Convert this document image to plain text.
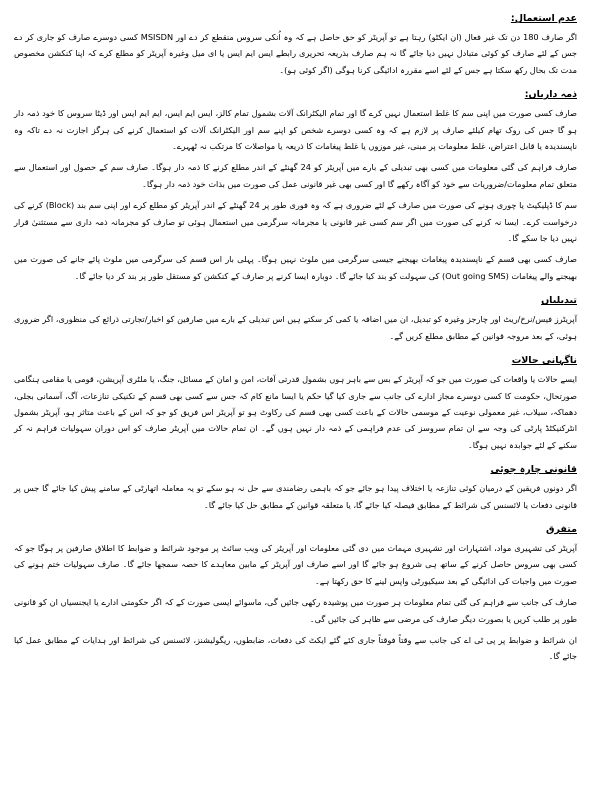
عدم استعمال:

اگر صارف 180 دن تک غیر فعال (ان ایکٹو) رہتا ہے تو آپریٹر کو حق حاصل ہے کہ وہ اُنکی سروس منقطع کر دے اور MSISDN کسی دوسرے صارف کو جاری کر دے جس کے لئے صارف کو کوئی متبادل نہیں دیا جائے گا نہ ہم صارف بذریعہ تحریری رابطے ایس ایم ایس یا ای میل وغیرہ آپریٹر کو مطلع کرے کہ اپنا کنکشن مخصوص مدت تک بحال رکھ سکتا ہے جس کے لئے اسے مقررہ ادائیگی کرنا ہوگی (اگر کوئی ہو)۔

ذمہ داریاں:

صارف کسی صورت میں اپنی سم کا غلط استعمال نہیں کرے گا اور تمام الیکٹرانک آلات بشمول تمام کالز، ایس ایم ایس، ایم ایم ایس اور ڈیٹا سروس کا خود ذمہ دار ہو گا جس کی روک تھام کیلئے صارف پر لازم ہے کہ وہ کسی دوسرے شخص کو اپنے سم اور الیکٹرانک آلات کو استعمال کرنے کی ہرگز اجازت نہ دے تاکہ وہ ناپسندیدہ یا قابل اعتراض، غلط معلومات پر مبنی، غیر موزوں یا غلط پیغامات کا ذریعہ یا مواصلات کا مرتکب نہ ٹھہرے۔

صارف فراہم کی گئی معلومات میں کسی بھی تبدیلی کے بارے میں آپریٹر کو 24 گھنٹے کے اندر مطلع کرنے کا ذمہ دار ہوگا۔ صارف سم کے حصول اور استعمال سے متعلق تمام معلومات/ضروریات سے خود کو آگاہ رکھے گا اور کسی بھی غیر قانونی عمل کی صورت میں بذات خود ذمہ دار ہوگا۔

سم کا ڈپلیکیٹ یا چوری ہونے کی صورت میں صارف کے لئے ضروری ہے کہ وہ فوری طور پر 24 گھنٹے کے اندر آپریٹر کو مطلع کرے اور اپنی سم بند (Block) کرنے کی درخواست کرے۔ ایسا نہ کرنے کی صورت میں اگر سم کسی غیر قانونی یا مجرمانہ سرگرمی میں استعمال ہوئی تو صارف کو مجرمانہ ذمہ داری سے مستثنیٰ قرار نہیں دیا جا سکے گا۔

صارف کسی بھی قسم کے ناپسندیدہ پیغامات بھیجنے جیسی سرگرمی میں ملوث نہیں ہوگا۔ پہلی بار اس قسم کی سرگرمی میں ملوث پائے جانے کی صورت میں بھیجنے والے پیغامات (Out going SMS) کی سہولت کو بند کیا جائے گا۔ دوبارہ ایسا کرنے پر صارف کے کنکشن کو مستقل طور پر بند کر دیا جائے گا۔

تبدیلیاں

آپریٹرز فیس/نرخ/ریٹ اور چارجز وغیرہ کو تبدیل، ان میں اضافہ یا کمی کر سکتے ہیں اس تبدیلی کے بارے میں صارفین کو اخبار/تجارتی ذرائع کی منظوری، اگر ضروری ہوئی، کے بعد مروجہ قوانین کے مطابق مطلع کریں گے۔

ناگہانی حالات

ایسے حالات یا واقعات کی صورت میں جو کہ آپریٹر کے بس سے باہر ہوں بشمول قدرتی آفات، امن و امان کے مسائل، جنگ، یا ملٹری آپریشن، قومی یا مقامی ہنگامی صورتحال، حکومت کا کسی دوسرے مجاز ادارے کی جانب سے جاری کیا گیا حکم یا ایسا مانع کام کہ جس سے کسی بھی قسم کے تکنیکی تنازعات، آگ، آسمانی بجلی، دھماکہ، سیلاب، غیر معمولی نوعیت کے موسمی حالات کے باعث کسی بھی قسم کی رکاوٹ ہو تو آپریٹر اس فریق کو جو کہ اس کے باعث متاثر ہو، آپریٹر بشمول انٹرکنیکٹڈ پارٹی کی وجہ سے ان تمام سروسز کی عدم فراہمی کے ذمہ دار نہیں ہوں گے۔ ان تمام حالات میں آپریٹر صارف کو اس دوران سہولیات فراہم نہ کر سکنے کے لئے جوابدہ نہیں ہوگا۔

قانونی چارہ جوئی

اگر دونوں فریقین کے درمیان کوئی تنازعہ یا اختلاف پیدا ہو جائے جو کہ باہمی رضامندی سے حل نہ ہو سکے تو یہ معاملہ اتھارٹی کے سامنے پیش کیا جائے گا جس پر قانونی دفعات یا لائسنس کی شرائط کے مطابق فیصلہ کیا جائے گا، یا متعلقہ قوانین کے مطابق حل کیا جائے گا۔

متفرق

آپریٹر کی تشہیری مواد، اشتہارات اور تشہیری مہمات میں دی گئی معلومات اور آپریٹر کی ویب سائٹ پر موجود شرائط و ضوابط کا اطلاق صارفین پر ہوگا جو کہ کسی بھی سروس حاصل کرنے کے ساتھ ہی شروع ہو جائے گا اور اسے صارف اور آپریٹر کے مابین معاہدے کا حصہ سمجھا جائے گا۔ صارف سہولیات ختم ہونے کی صورت میں واجبات کی ادائیگی کے بعد سیکیورٹی واپس لینے کا حق رکھتا ہے۔

صارف کی جانب سے فراہم کی گئی تمام معلومات ہر صورت میں پوشیدہ رکھی جائیں گی، ماسوائے ایسی صورت کے کہ اگر حکومتی ادارے یا ایجنسیاں ان کو قانونی طور پر طلب کریں یا بصورت دیگر صارف کی مرضی سے ظاہر کی جائیں گی۔

ان شرائط و ضوابط پر پی ٹی اے کی جانب سے وقتاً فوقتاً جاری کئے گئے ایکٹ کی دفعات، ضابطوں، ریگولیشنز، لائسنس کی شرائط اور ہدایات کے مطابق عمل کیا جائے گا۔
